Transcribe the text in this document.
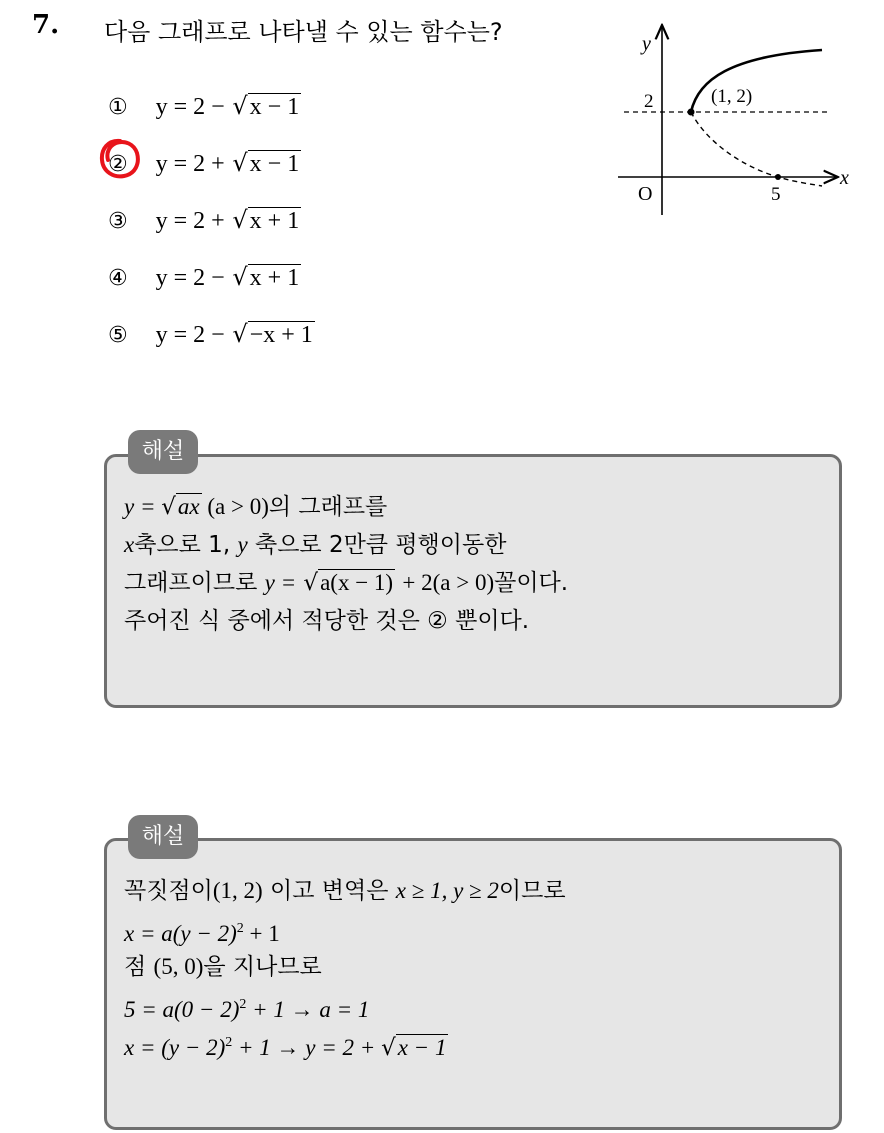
7. 다음 그래프로 나타낼 수 있는 함수는?
① y = 2 − √x − 1
② y = 2 + √x − 1
③ y = 2 + √x + 1
④ y = 2 − √x + 1
⑤ y = 2 − √−x + 1
y
x
O
2
5
(1, 2)
해설
y = √ax (a > 0)의 그래프를
x축으로 1, y 축으로 2만큼 평행이동한
그래프이므로 y = √a(x − 1) + 2(a > 0)꼴이다.
주어진 식 중에서 적당한 것은 ② 뿐이다.
해설
꼭짓점이(1, 2) 이고 변역은 x ≥ 1, y ≥ 2이므로
$x = a(y - 2)^2 + 1$
점 (5, 0)을 지나므로
$5 = a(0 - 2)^2 + 1 \to a = 1$
$x = (y - 2)^2 + 1 \to y = 2 + √x - 1$
